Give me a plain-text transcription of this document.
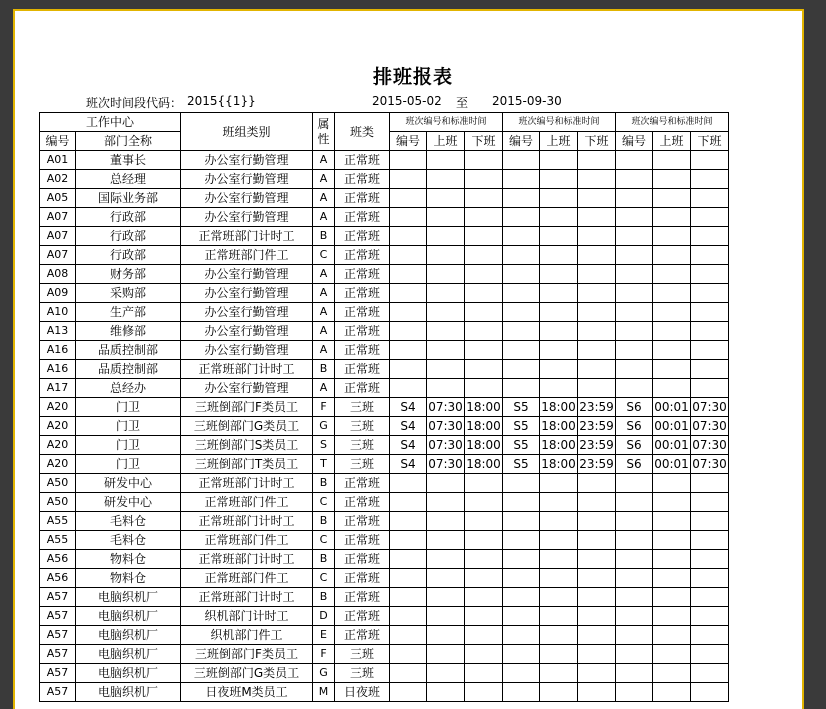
排班报表
班次时间段代码： 2015{{1}}	2015-05-02 至 2015-09-30
工作中心		班组类别	属性	班类	班次编号和标准时间			班次编号和标准时间			班次编号和标准时间		
编号	部门全称				编号	上班	下班	编号	上班	下班	编号	上班	下班
A01	董事长	办公室行勤管理	A	正常班									
A02	总经理	办公室行勤管理	A	正常班									
A05	国际业务部	办公室行勤管理	A	正常班									
A07	行政部	办公室行勤管理	A	正常班									
A07	行政部	正常班部门计时工	B	正常班									
A07	行政部	正常班部门件工	C	正常班									
A08	财务部	办公室行勤管理	A	正常班									
A09	采购部	办公室行勤管理	A	正常班									
A10	生产部	办公室行勤管理	A	正常班									
A13	维修部	办公室行勤管理	A	正常班									
A16	品质控制部	办公室行勤管理	A	正常班									
A16	品质控制部	正常班部门计时工	B	正常班									
A17	总经办	办公室行勤管理	A	正常班									
A20	门卫	三班倒部门F类员工	F	三班	S4	07:30	18:00	S5	18:00	23:59	S6	00:01	07:30
A20	门卫	三班倒部门G类员工	G	三班	S4	07:30	18:00	S5	18:00	23:59	S6	00:01	07:30
A20	门卫	三班倒部门S类员工	S	三班	S4	07:30	18:00	S5	18:00	23:59	S6	00:01	07:30
A20	门卫	三班倒部门T类员工	T	三班	S4	07:30	18:00	S5	18:00	23:59	S6	00:01	07:30
A50	研发中心	正常班部门计时工	B	正常班									
A50	研发中心	正常班部门件工	C	正常班									
A55	毛料仓	正常班部门计时工	B	正常班									
A55	毛料仓	正常班部门件工	C	正常班									
A56	物料仓	正常班部门计时工	B	正常班									
A56	物料仓	正常班部门件工	C	正常班									
A57	电脑织机厂	正常班部门计时工	B	正常班									
A57	电脑织机厂	织机部门计时工	D	正常班									
A57	电脑织机厂	织机部门件工	E	正常班									
A57	电脑织机厂	三班倒部门F类员工	F	三班									
A57	电脑织机厂	三班倒部门G类员工	G	三班									
A57	电脑织机厂	日夜班M类员工	M	日夜班									
